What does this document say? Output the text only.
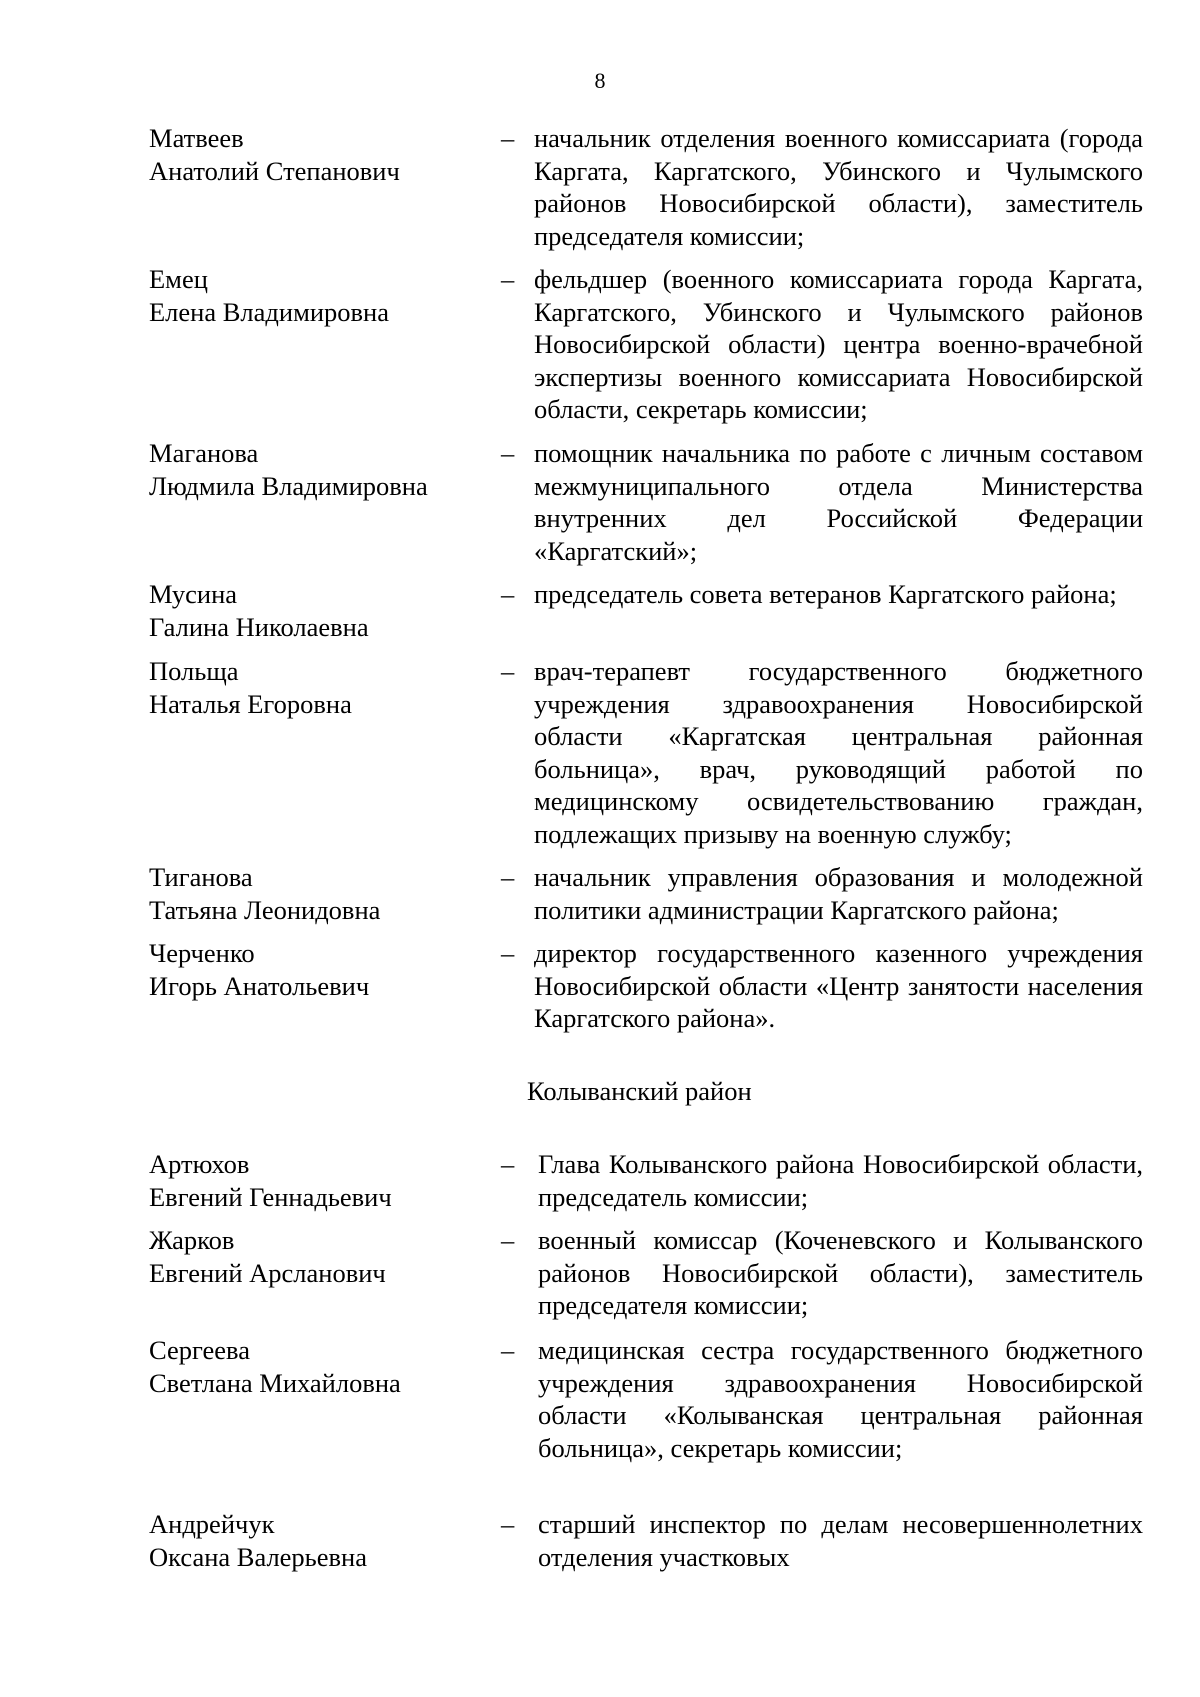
8
Матвеев
Анатолий Степанович
– начальник отделения военного комиссариата (города Каргата, Каргатского, Убинского и Чулымского районов Новосибирской области), заместитель председателя комиссии;
Емец
Елена Владимировна
– фельдшер (военного комиссариата города Каргата, Каргатского, Убинского и Чулымского районов Новосибирской области) центра военно-врачебной экспертизы военного комиссариата Новосибирской области, секретарь комиссии;
Маганова
Людмила Владимировна
– помощник начальника по работе с личным составом межмуниципального отдела Министерства внутренних дел Российской Федерации «Каргатский»;
Мусина
Галина Николаевна
– председатель совета ветеранов Каргатского района;
Польща
Наталья Егоровна
– врач-терапевт государственного бюджетного учреждения здравоохранения Новосибирской области «Каргатская центральная районная больница», врач, руководящий работой по медицинскому освидетельствованию граждан, подлежащих призыву на военную службу;
Тиганова
Татьяна Леонидовна
– начальник управления образования и молодежной политики администрации Каргатского района;
Черченко
Игорь Анатольевич
– директор государственного казенного учреждения Новосибирской области «Центр занятости населения Каргатского района».
Колыванский район
Артюхов
Евгений Геннадьевич
– Глава Колыванского района Новосибирской области, председатель комиссии;
Жарков
Евгений Арсланович
– военный комиссар (Коченевского и Колыванского районов Новосибирской области), заместитель председателя комиссии;
Сергеева
Светлана Михайловна
– медицинская сестра государственного бюджетного учреждения здравоохранения Новосибирской области «Колыванская центральная районная больница», секретарь комиссии;
Андрейчук
Оксана Валерьевна
– старший инспектор по делам несовершеннолетних отделения участковых
